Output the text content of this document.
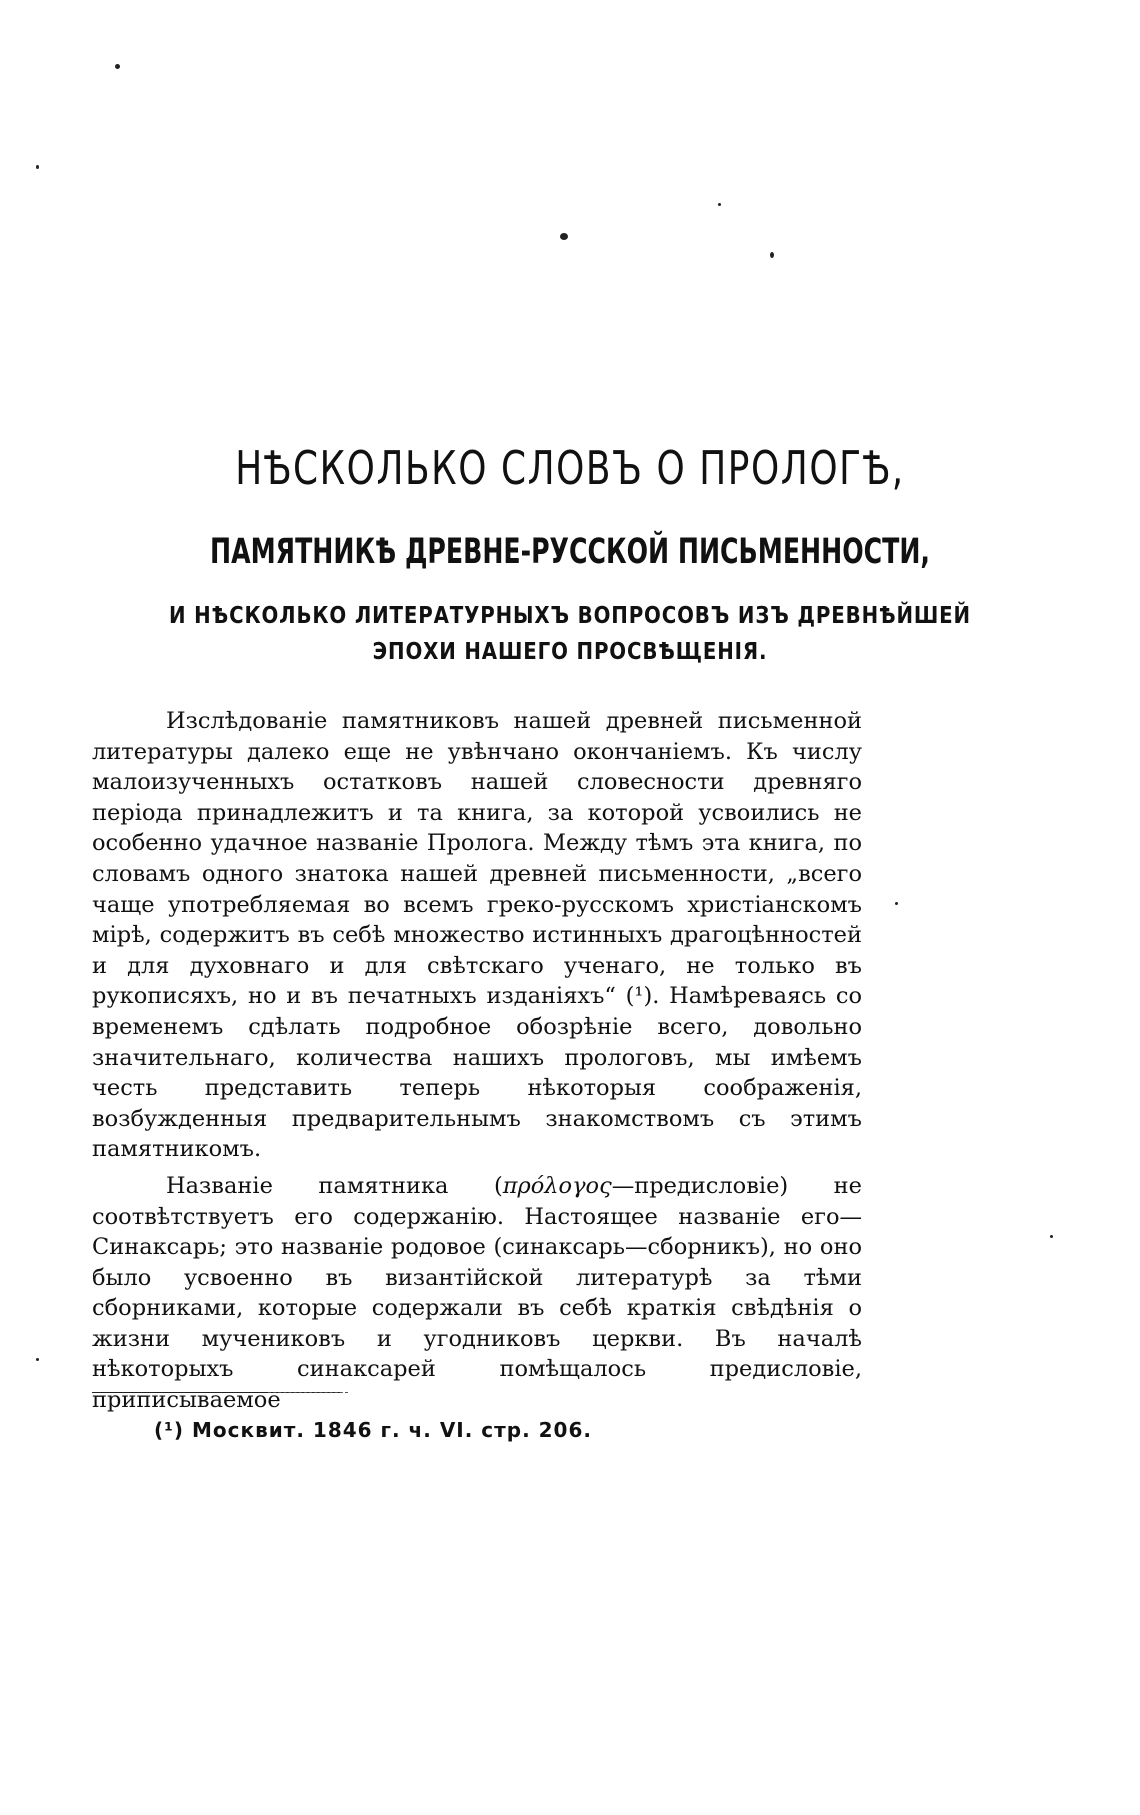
НѢСКОЛЬКО СЛОВЪ О ПРОЛОГѢ,
ПАМЯТНИКѢ ДРЕВНЕ-РУССКОЙ ПИСЬМЕННОСТИ,
И НѢСКОЛЬКО ЛИТЕРАТУРНЫХЪ ВОПРОСОВЪ ИЗЪ ДРЕВНѢЙШЕЙ
ЭПОХИ НАШЕГО ПРОСВѢЩЕНІЯ.

Изслѣдованіе памятниковъ нашей древней письменной литературы далеко еще не увѣнчано окончаніемъ. Къ числу малоизученныхъ остатковъ нашей словесности древняго періода принадлежитъ и та книга, за которой усвоились не особенно удачное названіе Пролога. Между тѣмъ эта книга, по словамъ одного знатока нашей древней письменности, „всего чаще употребляемая во всемъ греко-русскомъ христіанскомъ мірѣ, содержитъ въ себѣ множество истинныхъ драгоцѣнностей и для духовнаго и для свѣтскаго ученаго, не только въ рукописяхъ, но и въ печатныхъ изданіяхъ“ (¹). Намѣреваясь со временемъ сдѣлать подробное обозрѣніе всего, довольно значительнаго, количества нашихъ прологовъ, мы имѣемъ честь представить теперь нѣкоторыя соображенія, возбужденныя предварительнымъ знакомствомъ съ этимъ памятникомъ.

Названіе памятника (πρόλογος—предисловіе) не соотвѣтствуетъ его содержанію. Настоящее названіе его—Синаксарь; это названіе родовое (синаксарь—сборникъ), но оно было усвоенно въ византійской литературѣ за тѣми сборниками, которые содержали въ себѣ краткія свѣдѣнія о жизни мучениковъ и угодниковъ церкви. Въ началѣ нѣкоторыхъ синаксарей помѣщалось предисловіе, приписываемое

(¹) Москвит. 1846 г. ч. VI. стр. 206.
